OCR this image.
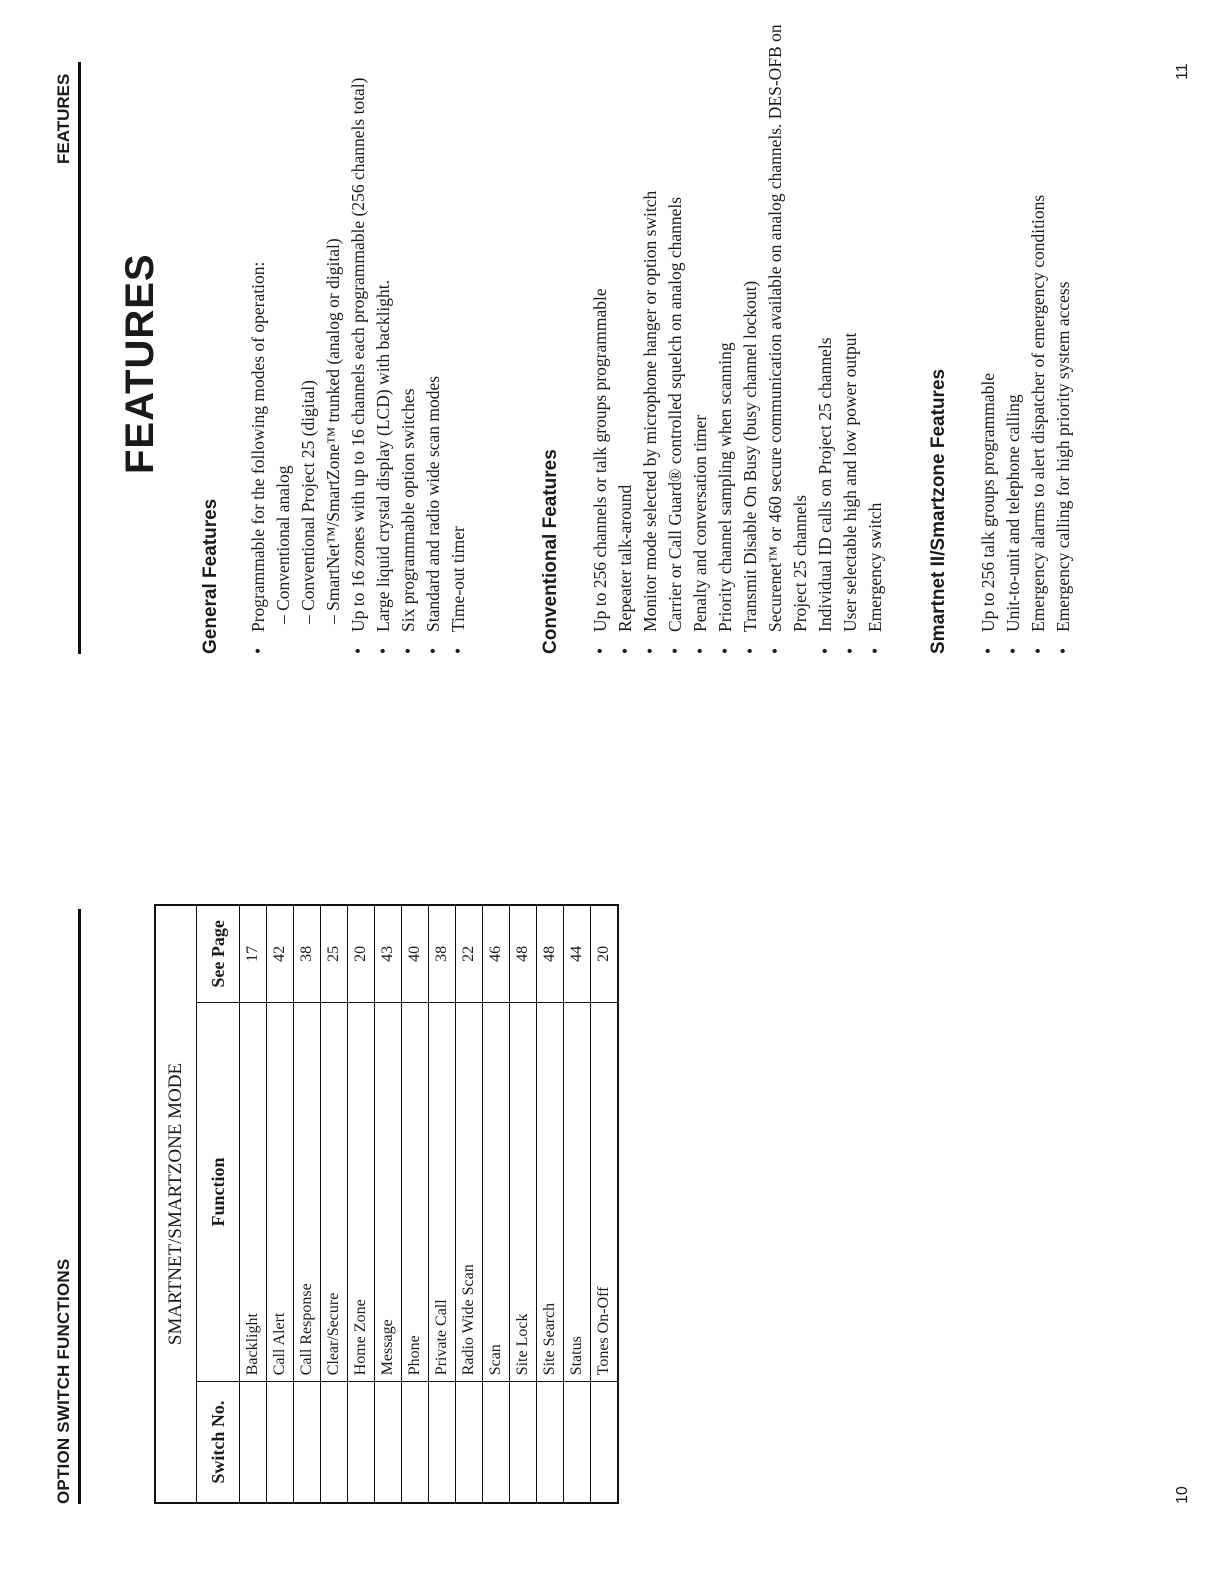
OPTION SWITCH FUNCTIONS
SMARTNET/SMARTZONE MODE		
Switch No.	Function	See Page
	Backlight	17
	Call Alert	42
	Call Response	38
	Clear/Secure	25
	Home Zone	20
	Message	43
	Phone	40
	Private Call	38
	Radio Wide Scan	22
	Scan	46
	Site Lock	48
	Site Search	48
	Status	44
	Tones On-Off	20
10
FEATURES
FEATURES
General Features •
Programmable for the following modes of operation: – Conventional analog – Conventional Project 25 (digital) – SmartNet™/SmartZone™ trunked (analog or digital)
•
Up to 16 zones with up to 16 channels each programmable (256 channels total)
•
Large liquid crystal display (LCD) with backlight.
•
Six programmable option switches
•
Standard and radio wide scan modes
•
Time-out timer	Conventional Features •
Up to 256 channels or talk groups programmable
•
Repeater talk-around
•
Monitor mode selected by microphone hanger or option switch
•
Carrier or Call Guard® controlled squelch on analog channels
•
Penalty and conversation timer
•
Priority channel sampling when scanning
•
Transmit Disable On Busy (busy channel lockout)
•
Securenet™ or 460 secure communication available on analog channels. DES-OFB on Project 25 channels
•
Individual ID calls on Project 25 channels
•
User selectable high and low power output
•
Emergency switch Smartnet II/Smartzone Features •
Up to 256 talk groups programmable
•
Unit-to-unit and telephone calling
•
Emergency alarms to alert dispatcher of emergency conditions
•
Emergency calling for high priority system access
11
